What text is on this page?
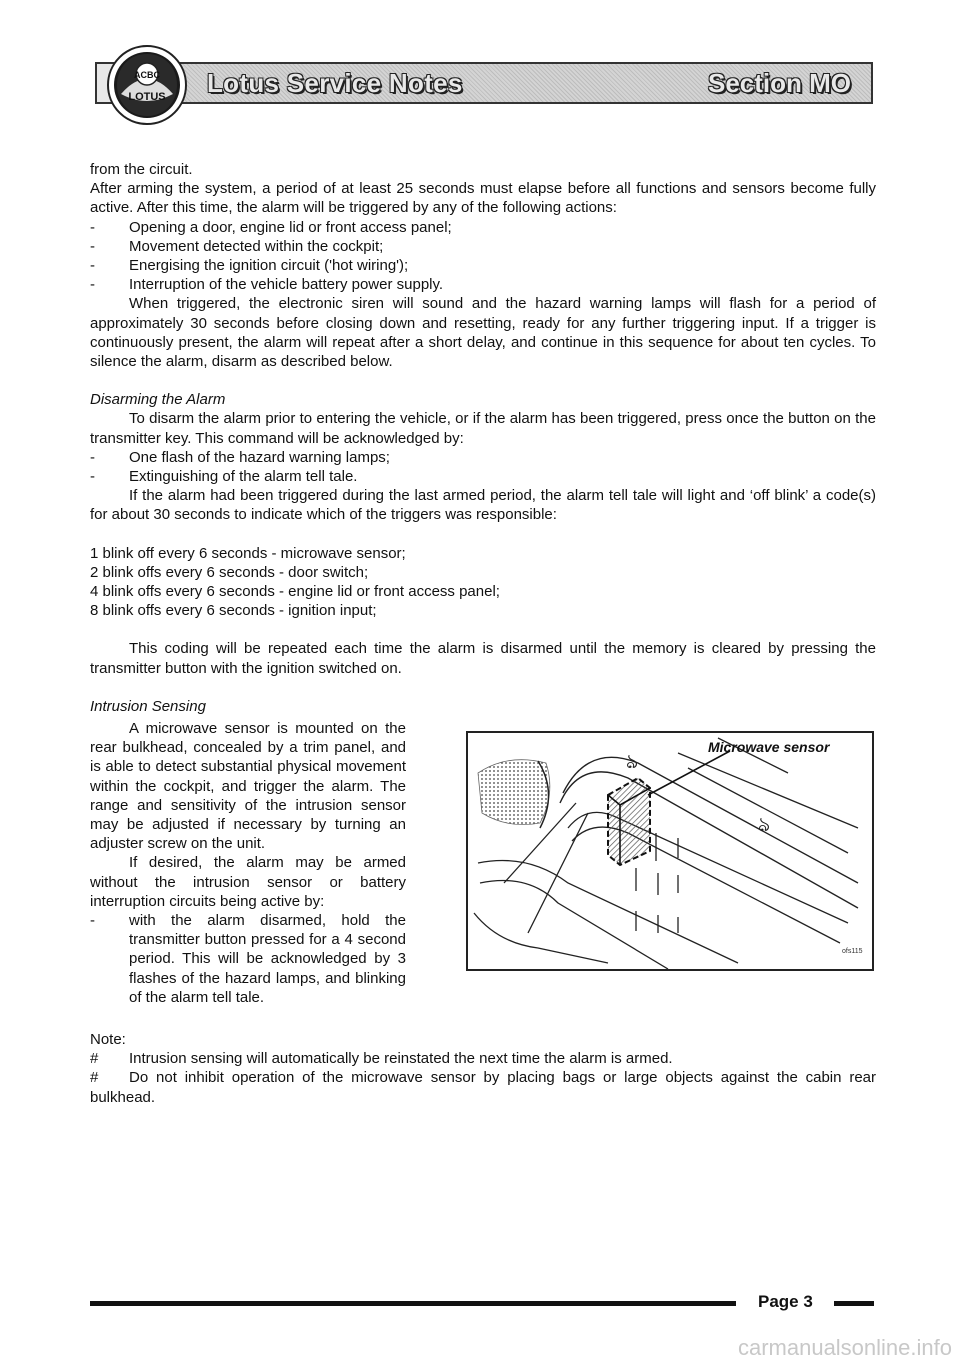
Lotus Service Notes	Section MO
ACBC
LOTUS

from the circuit.

After arming the system, a period of at least 25 seconds must elapse before all functions and sensors become fully active. After this time, the alarm will be triggered by any of the following actions:

- Opening a door, engine lid or front access panel;

- Movement detected within the cockpit;

- Energising the ignition circuit ('hot wiring');

- Interruption of the vehicle battery power supply.

When triggered, the electronic siren will sound and the hazard warning lamps will flash for a period of approximately 30 seconds before closing down and resetting, ready for any further triggering input. If a trigger is continuously present, the alarm will repeat after a short delay, and continue in this sequence for about ten cycles. To silence the alarm, disarm as described below.

Disarming the Alarm

To disarm the alarm prior to entering the vehicle, or if the alarm has been triggered, press once the button on the transmitter key. This command will be acknowledged by:

- One flash of the hazard warning lamps;

- Extinguishing of the alarm tell tale.

If the alarm had been triggered during the last armed period, the alarm tell tale will light and ‘off blink’ a code(s) for about 30 seconds to indicate which of the triggers was responsible:

1 blink off every 6 seconds - microwave sensor;

2 blink offs every 6 seconds - door switch;

4 blink offs every 6 seconds - engine lid or front access panel;

8 blink offs every 6 seconds - ignition input;

This coding will be repeated each time the alarm is disarmed until the memory is cleared by pressing the transmitter button with the ignition switched on.

Intrusion Sensing

A microwave sensor is mounted on the rear bulkhead, concealed by a trim panel, and is able to detect substantial physical movement within the cockpit, and trigger the alarm. The range and sensitivity of the intrusion sensor may be adjusted if necessary by turning an adjuster screw on the unit.

If desired, the alarm may be armed without the intrusion sensor or battery interruption circuits being active by:

- with the alarm disarmed, hold the transmitter button pressed for a 4 second period. This will be acknowledged by 3 flashes of the hazard lamps, and blinking of the alarm tell tale.

ঌ
ঌ
Microwave sensor
ofs115

Note:

# Intrusion sensing will automatically be reinstated the next time the alarm is armed.

# Do not inhibit operation of the microwave sensor by placing bags or large objects against the cabin rear bulkhead.

Page 3
carmanualsonline.info
